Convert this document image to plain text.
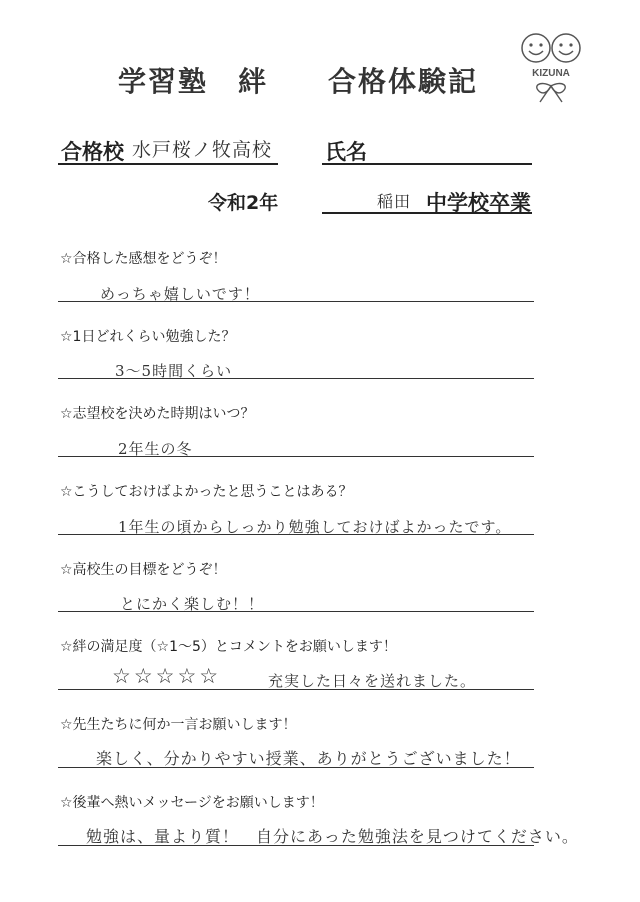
学習塾　絆　　合格体験記	KIZUNA
合格校 水戸桜ノ牧高校	氏名
令和2年	稲田 中学校卒業
☆合格した感想をどうぞ！
めっちゃ嬉しいです！
☆1日どれくらい勉強した？
3～5時間くらい
☆志望校を決めた時期はいつ？
2年生の冬
☆こうしておけばよかったと思うことはある？
1年生の頃からしっかり勉強しておけばよかったです。
☆高校生の目標をどうぞ！
とにかく楽しむ！！
☆絆の満足度（☆1～5）とコメントをお願いします！
☆☆☆☆☆	充実した日々を送れました。
☆先生たちに何か一言お願いします！
楽しく、分かりやすい授業、ありがとうございました！
☆後輩へ熱いメッセージをお願いします！
勉強は、量より質！　自分にあった勉強法を見つけてください。
